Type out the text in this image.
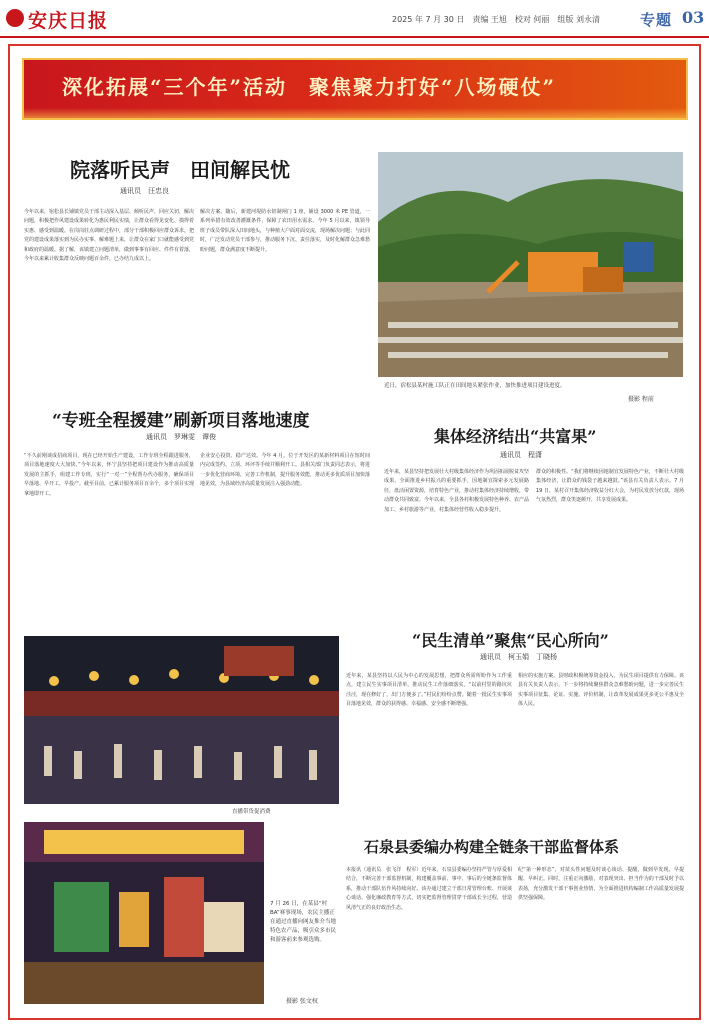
安庆日报	2025 年 7 月 30 日　责编 王旭　校对 何丽　组版 刘永清	专题 03
深化拓展“三个年”活动　聚焦聚力打好“八场硬仗”
院落听民声　田间解民忧
通讯员　汪忠良
今年以来，宿松县长铺镇党员干部主动深入基层、倾听民声，回应关切，解决问题，积极把作风建设成果转化为惠民利民实绩，让群众看得见变化、摸得着实惠、感受到温暖。在岗岗驻点调研过程中，部分干部积极回应群众诉求，把党的建设成果落实到为民办实事、解难题上来，让群众在家门口就能感受到党和政府的温暖。据了解，该镇建立问题清单，做到事事有回应、件件有着落，今年以来累计收集群众反映问题百余件，已办结九成以上。
解决方案。随后，新建河堤防水铝制闸门 1 座，铺设 3000 米 PE 管道，一系列举措有效改善灌溉条件，保障了农田用水需求。今年 5 月以来，镇领导班子成员带队深入田间地头，与种植大户面对面交流，现场解决问题；与此同时，广泛发动党员干部参与，推动服务下沉、责任落实，及时化解群众急难愁盼问题，群众满意度不断提升。
近日，宿松县某村施工队正在田间地头紧张作业，加快推进项目建设进度。
摄影 程前
“专班全程援建”刷新项目落地速度
通讯员　罗琳雯　谭俊
“不久前刚谈成招商项目，现在已经开始生产建设，工作专班全程跟进服务，项目落地速度大大加快。”今年以来，怀宁县坚持把项目建设作为推动高质量发展的主抓手，组建工作专班，实行“一对一”全程帮办代办服务，确保项目早落地、早开工、早投产。截至目前，已累计服务项目百余个，多个项目实现拿地即开工。
企业安心投资、稳产达效。今年 4 月，位于开发区的某新材料项目在短时间内完成签约、立项、环评等手续并顺利开工。县相关部门负责同志表示，将进一步优化营商环境，完善工作机制，提升服务效能，推动更多优质项目加快落地见效，为县域经济高质量发展注入强劲动能。
集体经济结出“共富果”
通讯员　程潇
近年来，某县坚持把发展壮大村级集体经济作为巩固拓展脱贫攻坚成果、全面推进乡村振兴的重要抓手，因地制宜探索多元发展路径，盘活闲置资源，培育特色产业，推动村集体经济持续增收，带动群众共同致富。今年以来，全县各村积极发展特色种养、农产品加工、乡村旅游等产业，村集体经营性收入稳步提升。
群众的积极性。“我们将继续因地制宜发展特色产业，不断壮大村级集体经济，让群众的钱袋子越来越鼓。”该县有关负责人表示。7 月 19 日，某村召开集体经济收益分红大会，为村民发放分红款，现场气氛热烈，群众笑逐颜开，共享发展成果。
直播带货促消费
7 月 26 日，在某县“村 BA”赛事现场，农民主播正在通过直播向网友推介当地特色农产品，吸引众多市民和游客前来参观选购。
摄影 张文权
“民生清单”聚焦“民心所向”
通讯员　柯玉娟　丁晓杨
近年来，某县坚持以人民为中心的发展思想，把群众所需所盼作为工作重点，建立民生实事项目清单，推动民生工作落细落实。“以前村里的路坑坑洼洼，现在修好了，出门方便多了。”村民们纷纷点赞。随着一批民生实事项目落地见效，群众的获得感、幸福感、安全感不断增强。
相应的实施方案。县财政积极统筹资金投入，为民生项目提供有力保障。该县有关负责人表示，下一步将持续聚焦群众急难愁盼问题，进一步完善民生实事项目征集、论证、实施、评价机制，让改革发展成果更多更公平惠及全体人民。
石泉县委编办构建全链条干部监督体系
本报讯（通讯员　张飞洋　程军）近年来，石泉县委编办坚持严管与厚爱相结合，不断完善干部监督机制，构建覆盖事前、事中、事后的全链条监督体系，推动干部队伍作风持续向好。该办通过建立干部日常管理台账、开展谈心谈话、强化廉政教育等方式，切实把监督管理贯穿干部成长全过程，营造风清气正的良好政治生态。
纪“第一种形态”，对苗头性问题及时谈心谈话、提醒，做到早发现、早提醒、早纠正。同时，注重正向激励，对表现突出、担当作为的干部及时予以表扬，充分激发干部干事创业热情，为全面推进机构编制工作高质量发展提供坚强保障。
